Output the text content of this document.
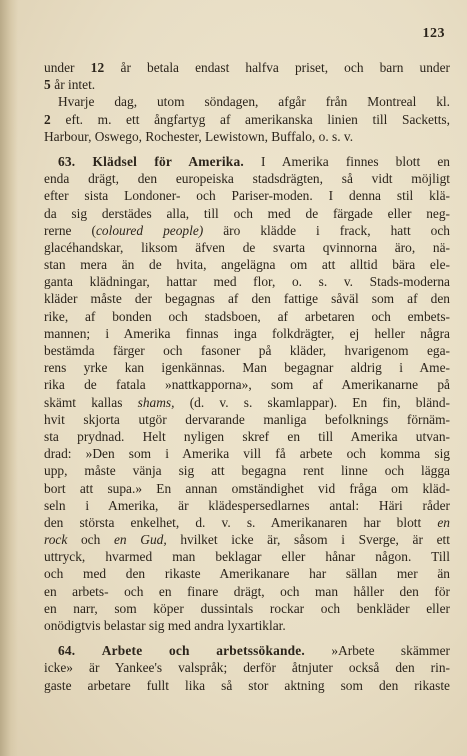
123

under 12 år betala endast halfva priset, och barn under

5 år intet.

Hvarje dag, utom söndagen, afgår från Montreal kl.

2 eft. m. ett ångfartyg af amerikanska linien till Sacketts,

Harbour, Oswego, Rochester, Lewistown, Buffalo, o. s. v.

63. Klädsel för Amerika. I Amerika finnes blott en

enda drägt, den europeiska stadsdrägten, så vidt möjligt

efter sista Londoner- och Pariser-moden. I denna stil klä-

da sig derstädes alla, till och med de färgade eller neg-

rerne (coloured people) äro klädde i frack, hatt och

glacéhandskar, liksom äfven de svarta qvinnorna äro, nä-

stan mera än de hvita, angelägna om att alltid bära ele-

ganta klädningar, hattar med flor, o. s. v. Stads-moderna

kläder måste der begagnas af den fattige såväl som af den

rike, af bonden och stadsboen, af arbetaren och embets-

mannen; i Amerika finnas inga folkdrägter, ej heller några

bestämda färger och fasoner på kläder, hvarigenom ega-

rens yrke kan igenkännas. Man begagnar aldrig i Ame-

rika de fatala »nattkapporna», som af Amerikanarne på

skämt kallas shams, (d. v. s. skamlappar). En fin, bländ-

hvit skjorta utgör dervarande manliga befolknings förnäm-

sta prydnad. Helt nyligen skref en till Amerika utvan-

drad: »Den som i Amerika vill få arbete och komma sig

upp, måste vänja sig att begagna rent linne och lägga

bort att supa.» En annan omständighet vid fråga om kläd-

seln i Amerika, är klädespersedlarnes antal: Häri råder

den största enkelhet, d. v. s. Amerikanaren har blott en

rock och en Gud, hvilket icke är, såsom i Sverge, är ett

uttryck, hvarmed man beklagar eller hånar någon. Till

och med den rikaste Amerikanare har sällan mer än

en arbets- och en finare drägt, och man håller den för

en narr, som köper dussintals rockar och benkläder eller

onödigtvis belastar sig med andra lyxartiklar.

64. Arbete och arbetssökande. »Arbete skämmer

icke» är Yankee's valspråk; derför åtnjuter också den rin-

gaste arbetare fullt lika så stor aktning som den rikaste
